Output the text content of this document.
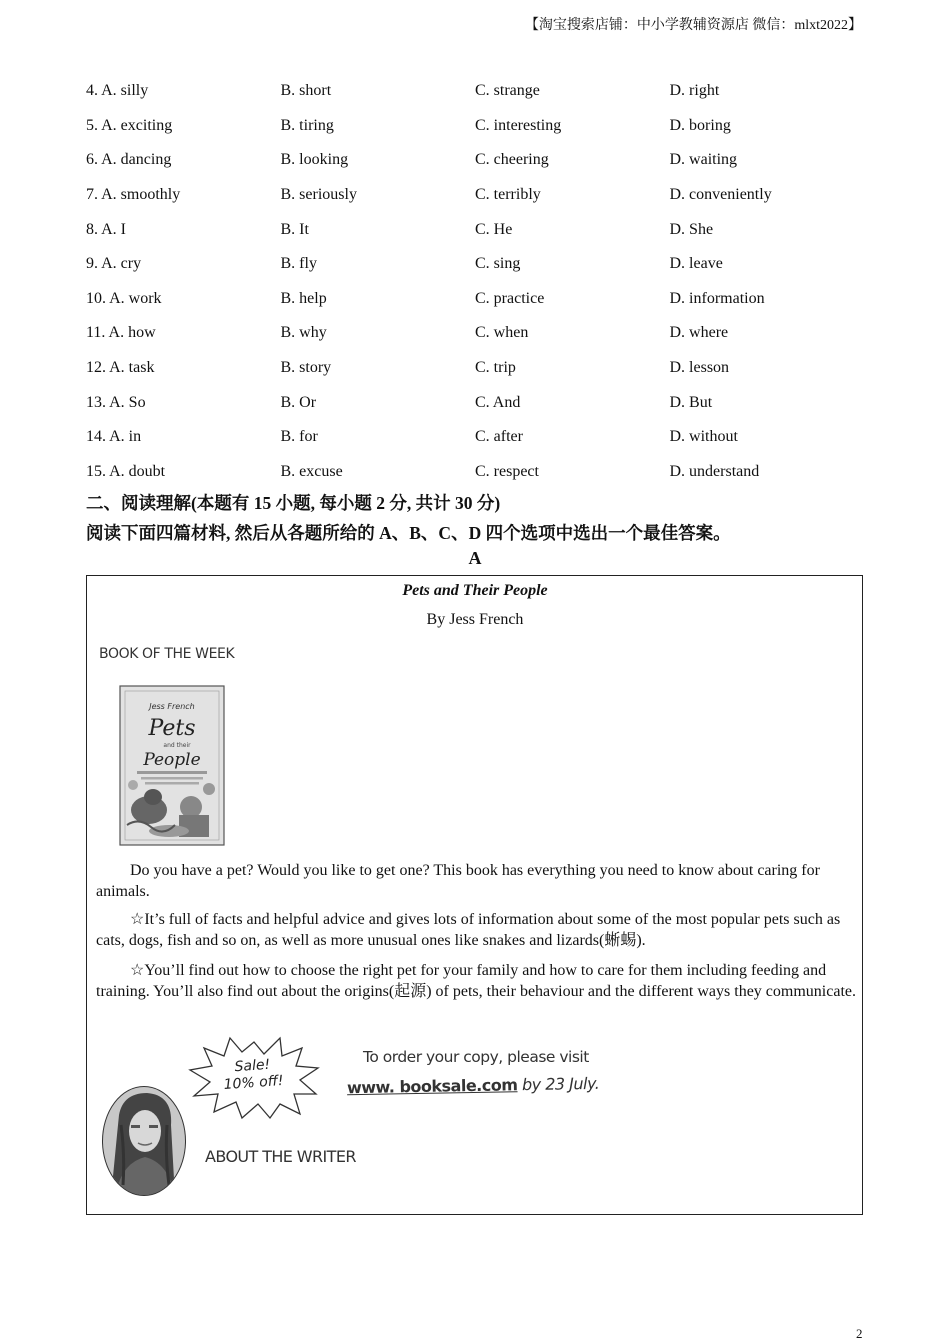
【淘宝搜索店铺：中小学教辅资源店 微信：mlxt2022】
4. A. silly	B. short	C. strange	D. right
5. A. exciting	B. tiring	C. interesting	D. boring
6. A. dancing	B. looking	C. cheering	D. waiting
7. A. smoothly	B. seriously	C. terribly	D. conveniently
8. A. I	B. It	C. He	D. She
9. A. cry	B. fly	C. sing	D. leave
10. A. work	B. help	C. practice	D. information
11. A. how	B. why	C. when	D. where
12. A. task	B. story	C. trip	D. lesson
13. A. So	B. Or	C. And	D. But
14. A. in	B. for	C. after	D. without
15. A. doubt	B. excuse	C. respect	D. understand
二、阅读理解(本题有 15 小题, 每小题 2 分, 共计 30 分)
阅读下面四篇材料, 然后从各题所给的 A、B、C、D 四个选项中选出一个最佳答案。
A
Pets and Their People
By Jess French
BOOK OF THE WEEK
Jess French
Pets
and their
People
Do you have a pet? Would you like to get one? This book has everything you need to know about caring for animals.
☆It’s full of facts and helpful advice and gives lots of information about some of the most popular pets such as cats, dogs, fish and so on, as well as more unusual ones like snakes and lizards(蜥蜴).
☆You’ll find out how to choose the right pet for your family and how to care for them including feeding and training. You’ll also find out about the origins(起源) of pets, their behaviour and the different ways they communicate.
Sale!
10% off!
To order your copy, please visit
www. booksale.com by 23 July.
ABOUT THE WRITER
2
